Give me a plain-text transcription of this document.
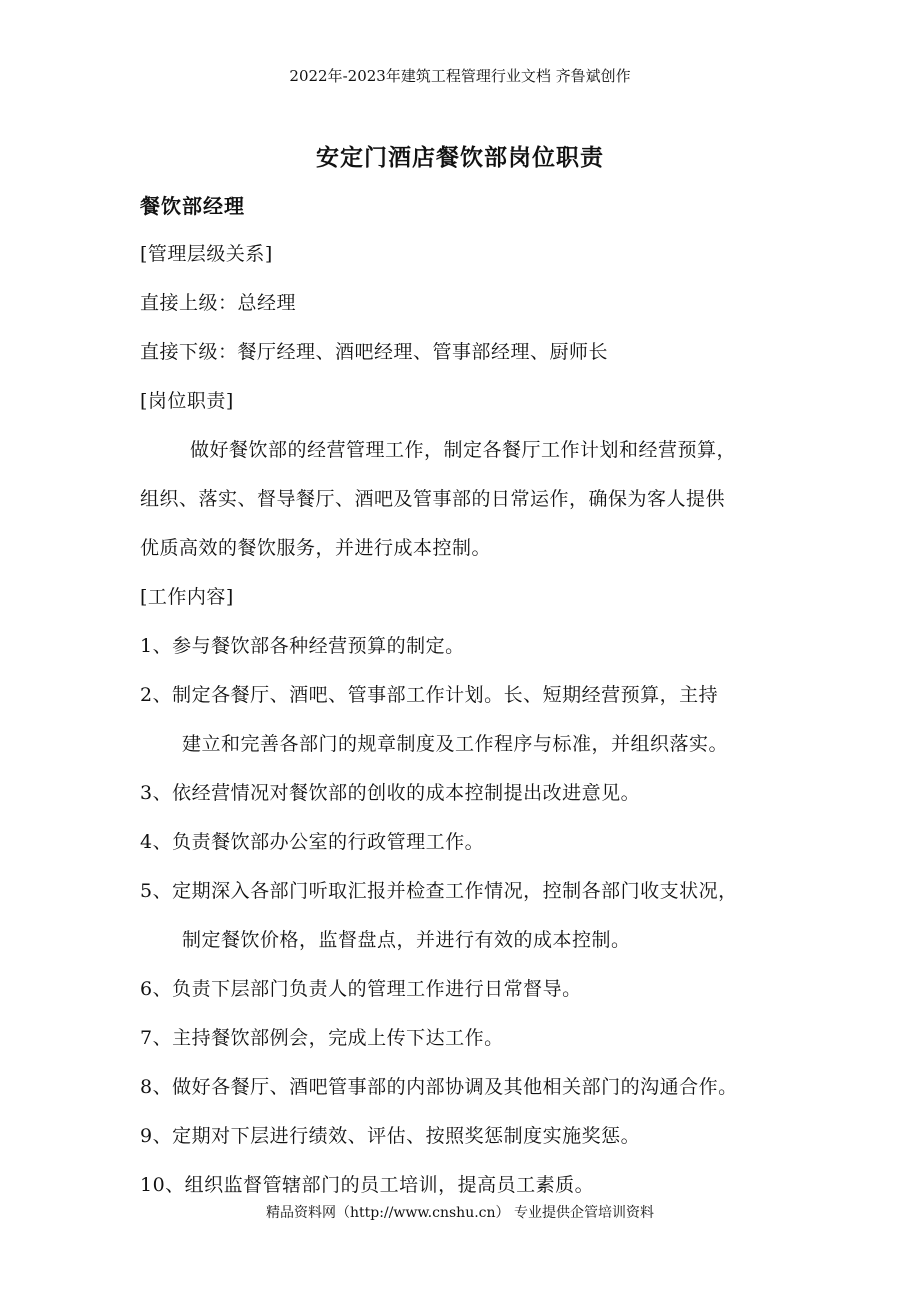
2022年-2023年建筑工程管理行业文档 齐鲁斌创作
安定门酒店餐饮部岗位职责
餐饮部经理
[管理层级关系]
直接上级：总经理
直接下级：餐厅经理、酒吧经理、管事部经理、厨师长
[岗位职责]
做好餐饮部的经营管理工作，制定各餐厅工作计划和经营预算，
组织、落实、督导餐厅、酒吧及管事部的日常运作，确保为客人提供
优质高效的餐饮服务，并进行成本控制。
[工作内容]
1、参与餐饮部各种经营预算的制定。
2、制定各餐厅、酒吧、管事部工作计划。长、短期经营预算，主持
建立和完善各部门的规章制度及工作程序与标准，并组织落实。
3、依经营情况对餐饮部的创收的成本控制提出改进意见。
4、负责餐饮部办公室的行政管理工作。
5、定期深入各部门听取汇报并检查工作情况，控制各部门收支状况，
制定餐饮价格，监督盘点，并进行有效的成本控制。
6、负责下层部门负责人的管理工作进行日常督导。
7、主持餐饮部例会，完成上传下达工作。
8、做好各餐厅、酒吧管事部的内部协调及其他相关部门的沟通合作。
9、定期对下层进行绩效、评估、按照奖惩制度实施奖惩。
10、组织监督管辖部门的员工培训，提高员工素质。
精品资料网（http://www.cnshu.cn） 专业提供企管培训资料
